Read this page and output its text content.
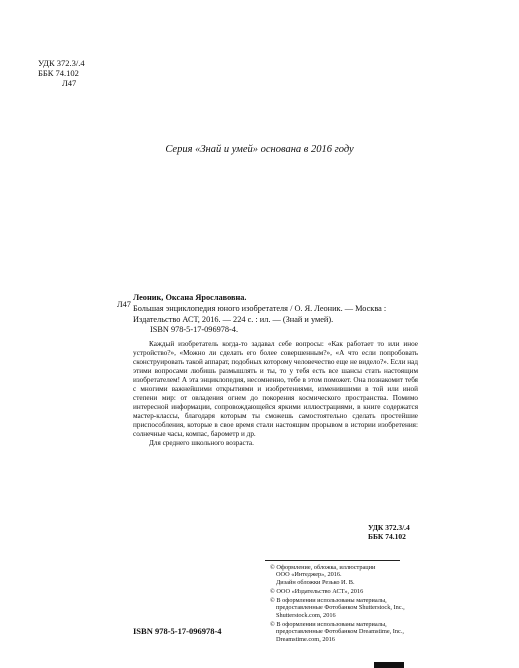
УДК 372.3/.4
ББК 74.102
Л47
Серия «Знай и умей» основана в 2016 году
Л47
Леоник, Оксана Ярославовна.
Большая энциклопедия юного изобретателя / О. Я. Леоник. — Москва :
Издательство АСТ, 2016. — 224 с. : ил. — (Знай и умей).
ISBN 978-5-17-096978-4.

Каждый изобретатель когда-то задавал себе вопросы: «Как работает то или иное устройство?», «Можно ли сделать его более совершенным?», «А что если попробовать сконструировать такой аппарат, подобных которому человечество еще не видело?». Если над этими вопросами любишь размышлять и ты, то у тебя есть все шансы стать настоящим изобретателем! А эта энциклопедия, несомненно, тебе в этом поможет. Она познакомит тебя с многими важнейшими открытиями и изобретениями, изменившими в той или иной степени мир: от овладения огнем до покорения космического пространства. Помимо интересной информации, сопровождающейся яркими иллюстрациями, в книге содержатся мастер-классы, благодаря которым ты сможешь самостоятельно сделать простейшие приспособления, которые в свое время стали настоящим прорывом в истории изобретения: солнечные часы, компас, барометр и др.

Для среднего школьного возраста.

УДК 372.3/.4
ББК 74.102
© Оформление, обложка, иллюстрации
ООО «Интеджер», 2016.
Дизайн обложки Резько И. В.
© ООО «Издательство АСТ», 2016
© В оформлении использованы материалы,
предоставленные Фотобанком Shutterstock, Inc.,
Shutterstock.com, 2016
© В оформлении использованы материалы,
предоставленные Фотобанком Dreamstime, Inc.,
Dreamstime.com, 2016
ISBN 978-5-17-096978-4
